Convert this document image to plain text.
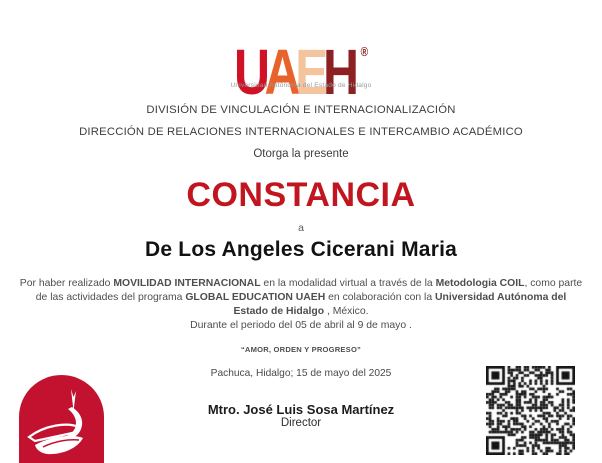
UAEH ®
Universidad Autónoma del Estado de Hidalgo
DIVISIÓN DE VINCULACIÓN E INTERNACIONALIZACIÓN
DIRECCIÓN DE RELACIONES INTERNACIONALES E INTERCAMBIO ACADÉMICO
Otorga la presente
CONSTANCIA
a
De Los Angeles Cicerani Maria
Por haber realizado MOVILIDAD INTERNACIONAL en la modalidad virtual a través de la Metodologia COIL, como parte
de las actividades del programa GLOBAL EDUCATION UAEH en colaboración con la Universidad Autónoma del
Estado de Hidalgo , México.
Durante el periodo del 05 de abril al 9 de mayo .
“AMOR, ORDEN Y PROGRESO”
Pachuca, Hidalgo; 15 de mayo del 2025
Mtro. José Luis Sosa Martínez
Director
